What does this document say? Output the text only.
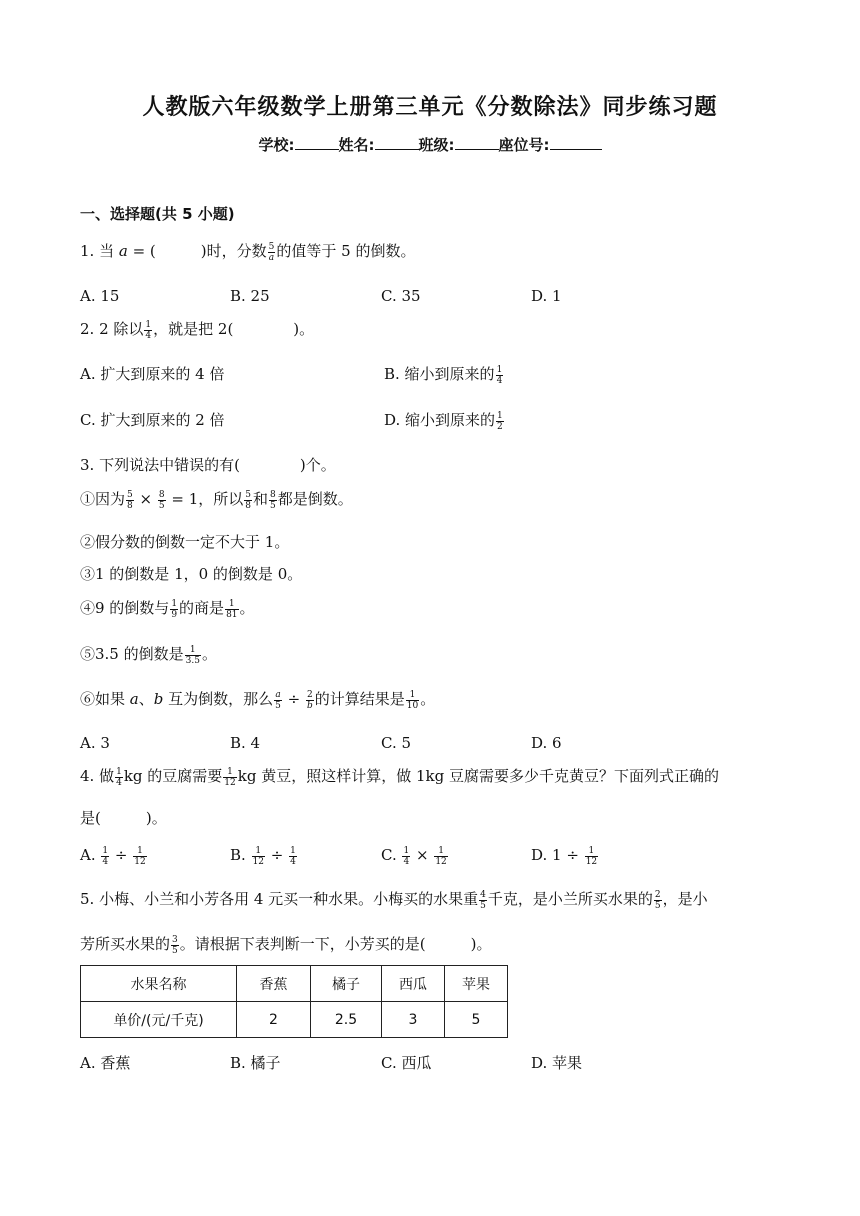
人教版六年级数学上册第三单元《分数除法》同步练习题
学校:	姓名:	班级:	座位号:
一、选择题(共 5 小题)
1. 当 a = (　　　)时，分数 $\frac{5}{a}$ 的值等于 5 的倒数。
A. 15	B. 25	C. 35	D. 1
2. 2 除以 $\frac{1}{4}$ ，就是把 2(　　　　)。
A. 扩大到原来的 4 倍	B. 缩小到原来的 $\frac{1}{4}$
C. 扩大到原来的 2 倍	D. 缩小到原来的 $\frac{1}{2}$
3. 下列说法中错误的有(　　　　)个。
①因为 $\frac{5}{8} \times \frac{8}{5} = 1$，所以 $\frac{5}{8}$ 和 $\frac{8}{5}$ 都是倒数。
②假分数的倒数一定不大于 1。
③1 的倒数是 1，0 的倒数是 0。
④9 的倒数与 $\frac{1}{9}$ 的商是 $\frac{1}{81}$ 。
⑤3.5 的倒数是 $\frac{1}{3.5}$ 。
⑥如果 a、b 互为倒数，那么 $\frac{a}{5} \div \frac{2}{b}$ 的计算结果是 $\frac{1}{10}$ 。
A. 3	B. 4	C. 5	D. 6
4. 做 $\frac{1}{4}$ kg 的豆腐需要 $\frac{1}{12}$ kg 黄豆，照这样计算，做 1kg 豆腐需要多少千克黄豆？下面列式正确的
是(　　　)。
A. $\frac{1}{4} \div \frac{1}{12}$	B. $\frac{1}{12} \div \frac{1}{4}$	C. $\frac{1}{4} \times \frac{1}{12}$	D. $1 \div \frac{1}{12}$
5. 小梅、小兰和小芳各用 4 元买一种水果。小梅买的水果重 $\frac{4}{5}$ 千克，是小兰所买水果的 $\frac{2}{5}$ ，是小
芳所买水果的 $\frac{3}{5}$ 。请根据下表判断一下，小芳买的是(　　　)。
水果名称	香蕉	橘子	西瓜	苹果
单价/(元/千克)	2	2.5	3	5
A. 香蕉	B. 橘子	C. 西瓜	D. 苹果
